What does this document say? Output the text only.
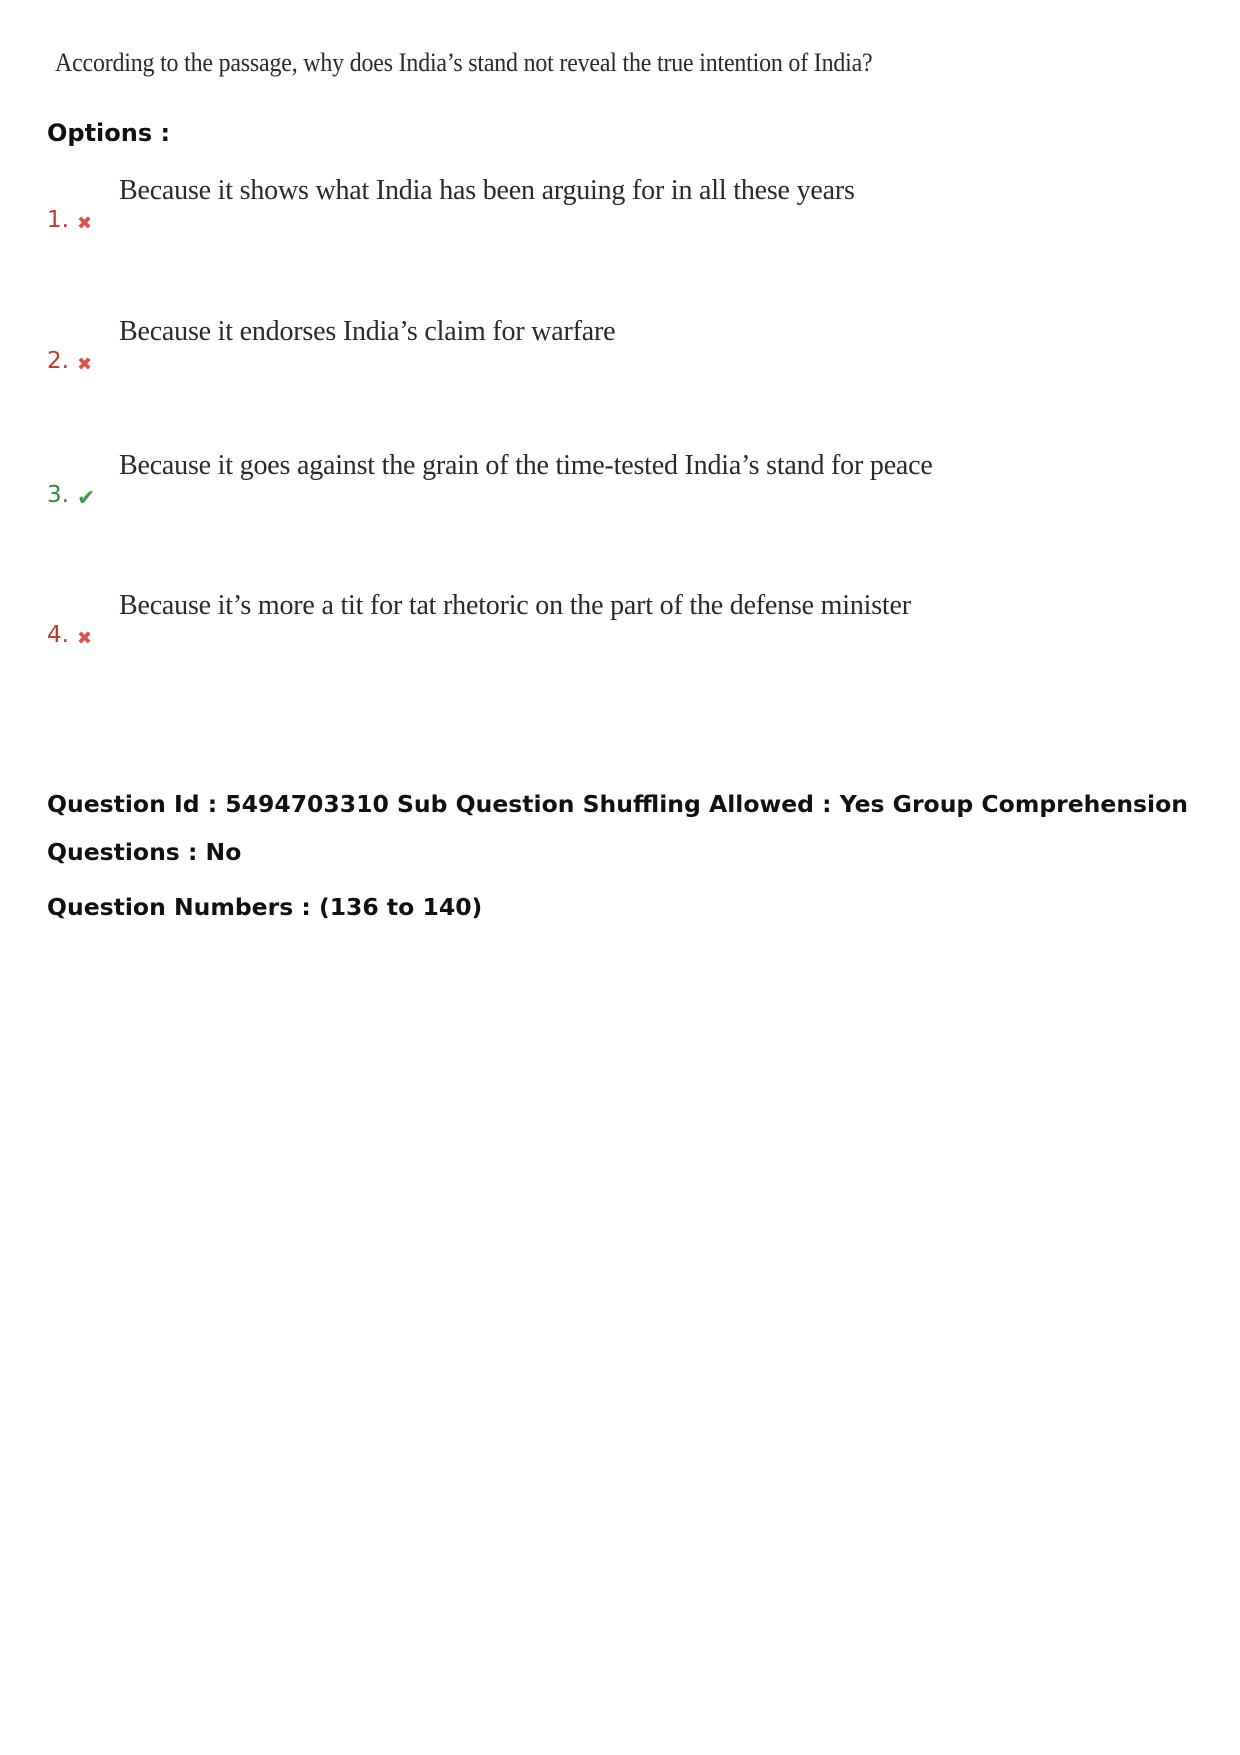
According to the passage, why does India’s stand not reveal the true intention of India?
Options :
1. ✖
Because it shows what India has been arguing for in all these years
2. ✖
Because it endorses India’s claim for warfare
3. ✔
Because it goes against the grain of the time-tested India’s stand for peace
4. ✖
Because it’s more a tit for tat rhetoric on the part of the defense minister
Question Id : 5494703310 Sub Question Shuffling Allowed : Yes Group Comprehension
Questions : No
Question Numbers : (136 to 140)
